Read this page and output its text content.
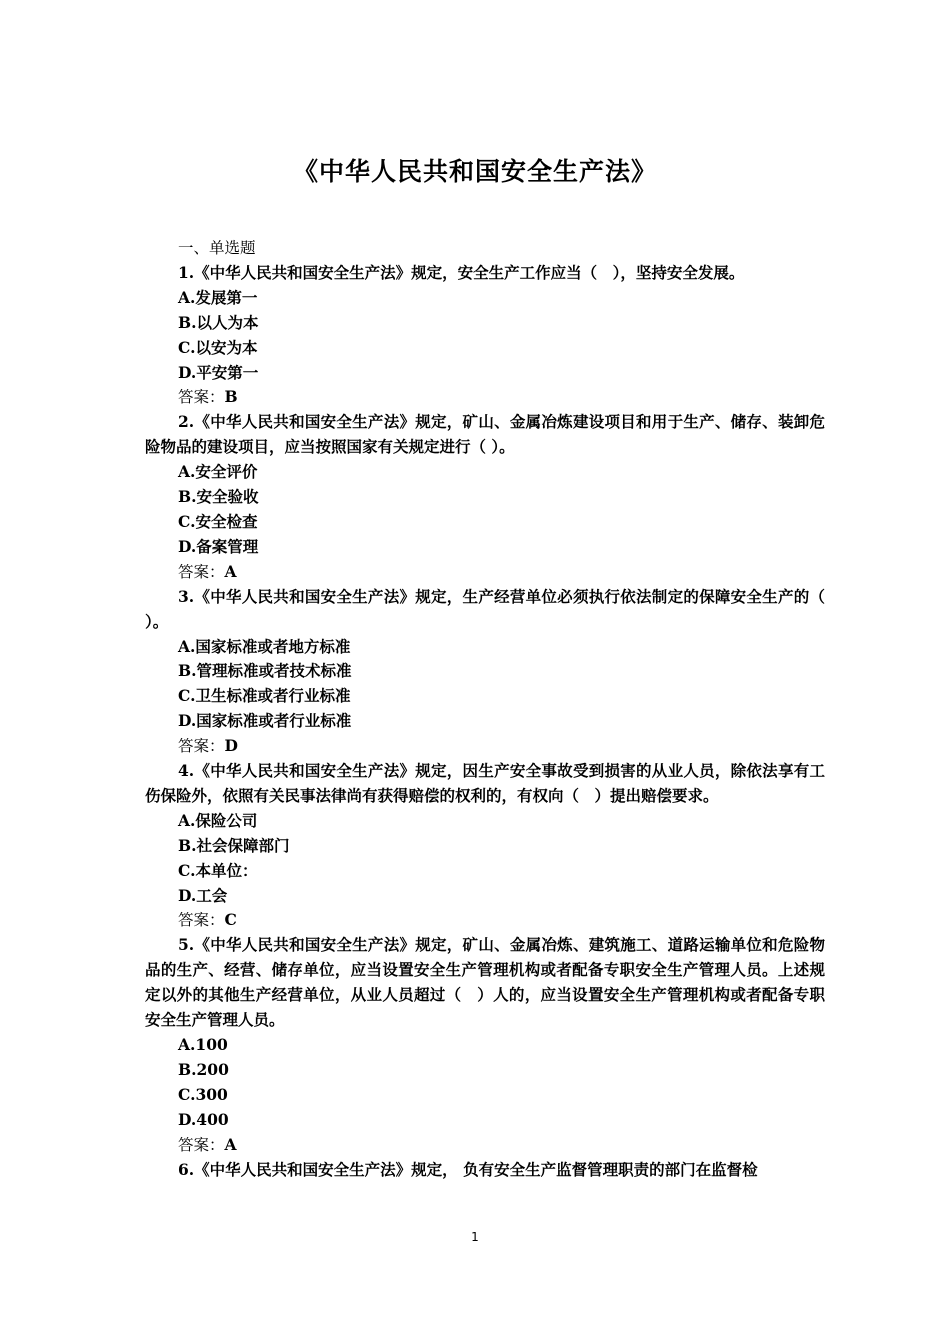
《中华人民共和国安全生产法》

一、单选题

1.《中华人民共和国安全生产法》规定，安全生产工作应当（　），坚持安全发展。

A.发展第一

B.以人为本

C.以安为本

D.平安第一

答案：B

2.《中华人民共和国安全生产法》规定，矿山、金属冶炼建设项目和用于生产、储存、装卸危险物品的建设项目，应当按照国家有关规定进行（ ）。

A.安全评价

B.安全验收

C.安全检查

D.备案管理

答案：A

3.《中华人民共和国安全生产法》规定，生产经营单位必须执行依法制定的保障安全生产的（ ）。

A.国家标准或者地方标准

B.管理标准或者技术标准

C.卫生标准或者行业标准

D.国家标准或者行业标准

答案：D

4.《中华人民共和国安全生产法》规定，因生产安全事故受到损害的从业人员，除依法享有工伤保险外，依照有关民事法律尚有获得赔偿的权利的，有权向（　）提出赔偿要求。

A.保险公司

B.社会保障部门

C.本单位：

D.工会

答案：C

5.《中华人民共和国安全生产法》规定，矿山、金属冶炼、建筑施工、道路运输单位和危险物品的生产、经营、储存单位，应当设置安全生产管理机构或者配备专职安全生产管理人员。上述规定以外的其他生产经营单位，从业人员超过（　）人的，应当设置安全生产管理机构或者配备专职安全生产管理人员。

A.100

B.200

C.300

D.400

答案：A

6.《中华人民共和国安全生产法》规定， 负有安全生产监督管理职责的部门在监督检

1
